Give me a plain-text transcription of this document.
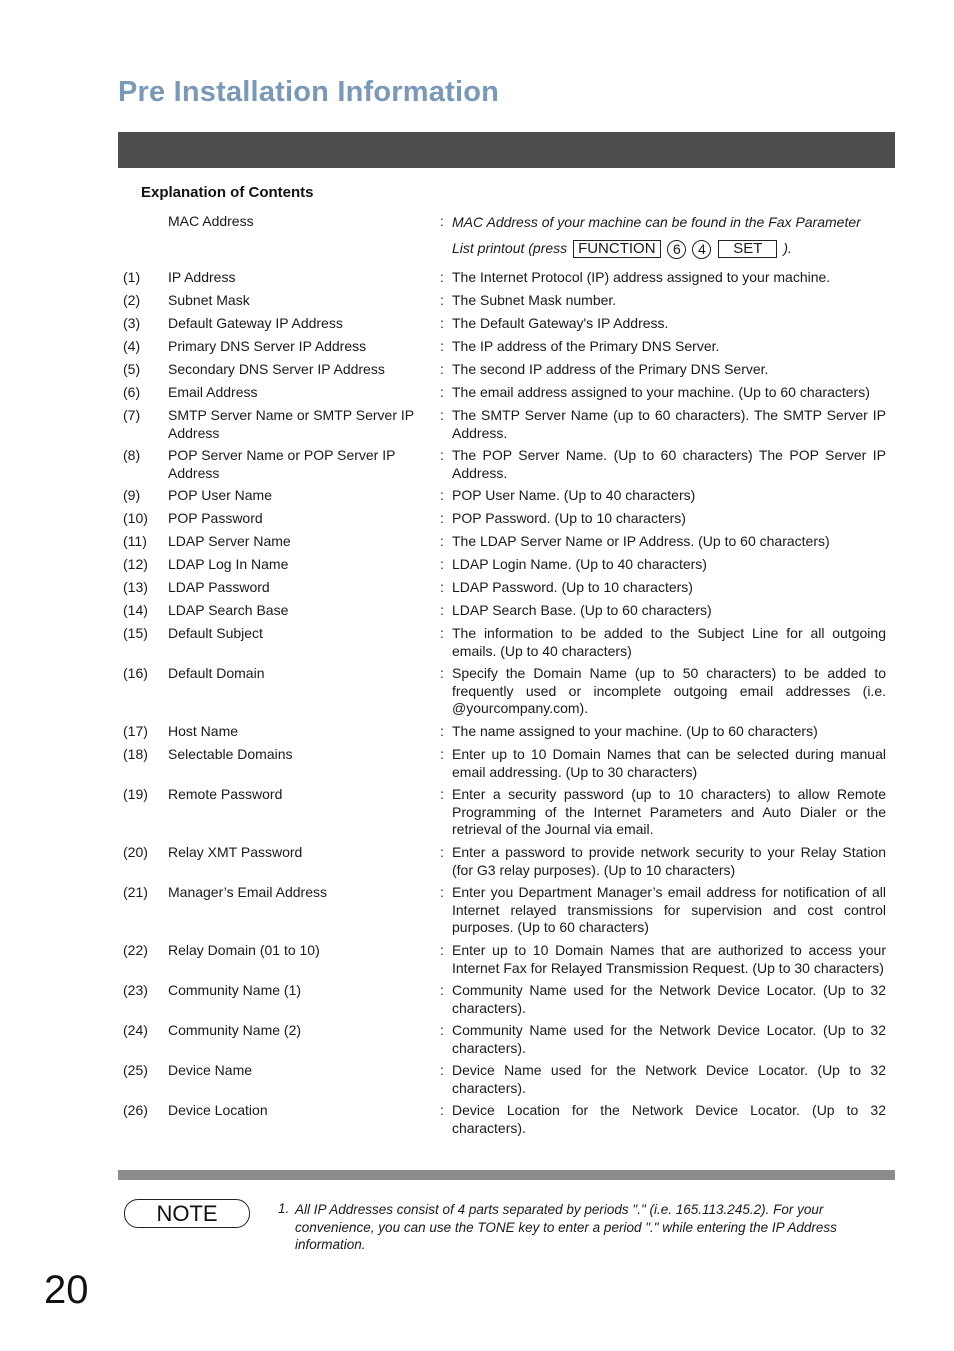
Pre Installation Information
Explanation of Contents
MAC Address	: MAC Address of your machine can be found in the Fax Parameter
List printout (press FUNCTION 6 4 SET ).
(1)	IP Address	: The Internet Protocol (IP) address assigned to your machine.
(2)	Subnet Mask	: The Subnet Mask number.
(3)	Default Gateway IP Address	: The Default Gateway's IP Address.
(4)	Primary DNS Server IP Address	: The IP address of the Primary DNS Server.
(5)	Secondary DNS Server IP Address	: The second IP address of the Primary DNS Server.
(6)	Email Address	: The email address assigned to your machine. (Up to 60 characters)
(7)	SMTP Server Name or SMTP Server IP Address
: The SMTP Server Name (up to 60 characters). The SMTP Server IP Address.
(8)	POP Server Name or POP Server IP Address
: The POP Server Name. (Up to 60 characters) The POP Server IP Address.
(9)	POP User Name	: POP User Name. (Up to 40 characters)
(10)	POP Password	: POP Password. (Up to 10 characters)
(11)	LDAP Server Name	: The LDAP Server Name or IP Address. (Up to 60 characters)
(12)	LDAP Log In Name	: LDAP Login Name. (Up to 40 characters)
(13)	LDAP Password	: LDAP Password. (Up to 10 characters)
(14)	LDAP Search Base	: LDAP Search Base. (Up to 60 characters)
(15)	Default Subject	: The information to be added to the Subject Line for all outgoing emails. (Up to 40 characters)
(16)	Default Domain	: Specify the Domain Name (up to 50 characters) to be added to frequently used or incomplete outgoing email addresses (i.e. @yourcompany.com).
(17)	Host Name	: The name assigned to your machine. (Up to 60 characters)
(18)	Selectable Domains	: Enter up to 10 Domain Names that can be selected during manual email addressing. (Up to 30 characters)
(19)	Remote Password	: Enter a security password (up to 10 characters) to allow Remote Programming of the Internet Parameters and Auto Dialer or the retrieval of the Journal via email.
(20)	Relay XMT Password	: Enter a password to provide network security to your Relay Station (for G3 relay purposes). (Up to 10 characters)
(21)	Manager’s Email Address	: Enter you Department Manager’s email address for notification of all Internet relayed transmissions for supervision and cost control purposes. (Up to 60 characters)
(22)	Relay Domain (01 to 10)	: Enter up to 10 Domain Names that are authorized to access your Internet Fax for Relayed Transmission Request. (Up to 30 characters)
(23)	Community Name (1)	: Community Name used for the Network Device Locator. (Up to 32 characters).
(24)	Community Name (2)	: Community Name used for the Network Device Locator. (Up to 32 characters).
(25)	Device Name	: Device Name used for the Network Device Locator. (Up to 32 characters).
(26)	Device Location	: Device Location for the Network Device Locator. (Up to 32 characters).
NOTE	1. All IP Addresses consist of 4 parts separated by periods "." (i.e. 165.113.245.2). For your convenience, you can use the TONE key to enter a period "." while entering the IP Address information.
20
